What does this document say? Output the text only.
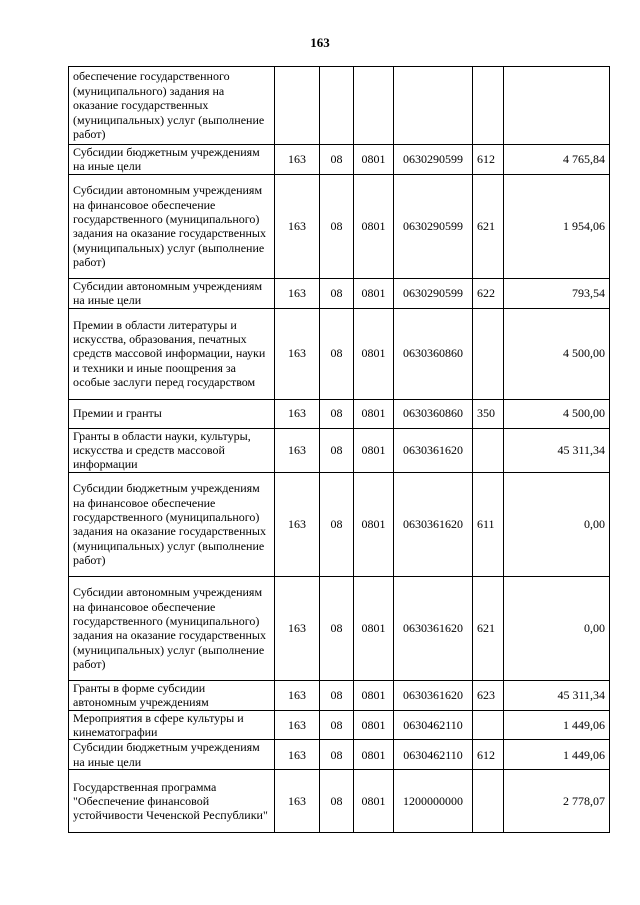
163
обеспечение государственного (муниципального) задания на оказание государственных (муниципальных) услуг (выполнение работ)						
Субсидии бюджетным учреждениям на иные цели	163	08	0801	0630290599	612	4 765,84
Субсидии автономным учреждениям на финансовое обеспечение государственного (муниципального) задания на оказание государственных (муниципальных) услуг (выполнение работ)	163	08	0801	0630290599	621	1 954,06
Субсидии автономным учреждениям на иные цели	163	08	0801	0630290599	622	793,54
Премии в области литературы и искусства, образования, печатных средств массовой информации, науки и техники и иные поощрения за особые заслуги перед государством	163	08	0801	0630360860		4 500,00
Премии и гранты	163	08	0801	0630360860	350	4 500,00
Гранты в области науки, культуры, искусства и средств массовой информации	163	08	0801	0630361620		45 311,34
Субсидии бюджетным учреждениям на финансовое обеспечение государственного (муниципального) задания на оказание государственных (муниципальных) услуг (выполнение работ)	163	08	0801	0630361620	611	0,00
Субсидии автономным учреждениям на финансовое обеспечение государственного (муниципального) задания на оказание государственных (муниципальных) услуг (выполнение работ)	163	08	0801	0630361620	621	0,00
Гранты в форме субсидии автономным учреждениям	163	08	0801	0630361620	623	45 311,34
Мероприятия в сфере культуры и кинематографии	163	08	0801	0630462110		1 449,06
Субсидии бюджетным учреждениям на иные цели	163	08	0801	0630462110	612	1 449,06
Государственная программа "Обеспечение финансовой устойчивости Чеченской Республики"	163	08	0801	1200000000		2 778,07
